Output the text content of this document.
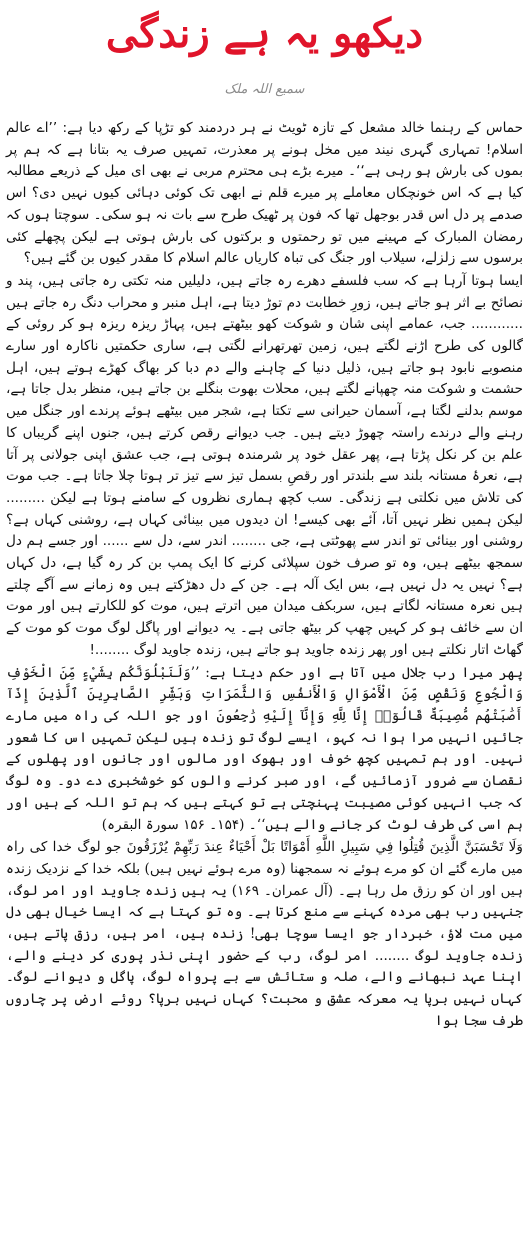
دیکھو یہ ہے زندگی
سمیع اللہ ملک

حماس کے رہنما خالد مشعل کے تازہ ٹویٹ نے ہر دردمند کو تڑپا کے رکھ دیا ہے: ’’اے عالم اسلام! تمہاری گہری نیند میں مخل ہونے پر معذرت، تمہیں صرف یہ بتانا ہے کہ ہم پر بموں کی بارش ہو رہی ہے‘‘۔ میرے بڑے ہی محترم مربی نے بھی ای میل کے ذریعے مطالبہ کیا ہے کہ اس خونچکاں معاملے پر میرے قلم نے ابھی تک کوئی دہائی کیوں نہیں دی؟ اس صدمے پر دل اس قدر بوجھل تھا کہ فون پر ٹھیک طرح سے بات نہ ہو سکی۔ سوچتا ہوں کہ رمضان المبارک کے مہینے میں تو رحمتوں و برکتوں کی بارش ہوتی ہے لیکن پچھلے کئی برسوں سے زلزلے، سیلاب اور جنگ کی تباہ کاریاں عالم اسلام کا مقدر کیوں بن گئے ہیں؟

ایسا ہوتا آرہا ہے کہ سب فلسفے دھرے رہ جاتے ہیں، دلیلیں منہ تکتی رہ جاتی ہیں، پند و نصائح بے اثر ہو جاتے ہیں، زورِ خطابت دم توڑ دیتا ہے، اہل منبر و محراب دنگ رہ جاتے ہیں ............ جب، عمامے اپنی شان و شوکت کھو بیٹھتے ہیں، پہاڑ ریزہ ریزہ ہو کر روئی کے گالوں کی طرح اڑنے لگتے ہیں، زمین تھرتھرانے لگتی ہے، ساری حکمتیں ناکارہ اور سارے منصوبے نابود ہو جاتے ہیں، ذلیل دنیا کے چاہنے والے دم دبا کر بھاگ کھڑے ہوتے ہیں، اہل حشمت و شوکت منہ چھپانے لگتے ہیں، محلات بھوت بنگلے بن جاتے ہیں، منظر بدل جاتا ہے، موسم بدلنے لگتا ہے، آسمان حیرانی سے تکتا ہے، شجر میں بیٹھے ہوئے پرندے اور جنگل میں رہنے والے درندے راستہ چھوڑ دیتے ہیں۔ جب دیوانے رقص کرتے ہیں، جنوں اپنے گریباں کا علم بن کر نکل پڑتا ہے، پھر عقل خود پر شرمندہ ہوتی ہے، جب عشق اپنی جولانی پر آتا ہے، نعرۂ مستانہ بلند سے بلندتر اور رقصِ بسمل تیز سے تیز تر ہوتا چلا جاتا ہے۔ جب موت کی تلاش میں نکلتی ہے زندگی۔ سب کچھ ہماری نظروں کے سامنے ہوتا ہے لیکن ......... لیکن ہمیں نظر نہیں آتا، آئے بھی کیسے! ان دیدوں میں بینائی کہاں ہے، روشنی کہاں ہے؟ روشنی اور بینائی تو اندر سے پھوٹتی ہے، جی ........ اندر سے، دل سے ...... اور جسے ہم دل سمجھ بیٹھے ہیں، وہ تو صرف خون سپلائی کرنے کا ایک پمپ بن کر رہ گیا ہے، دل کہاں ہے؟ نہیں یہ دل نہیں ہے، بس ایک آلہ ہے۔ جن کے دل دھڑکتے ہیں وہ زمانے سے آگے چلتے ہیں نعرہ مستانہ لگاتے ہیں، سربکف میدان میں اترتے ہیں، موت کو للکارتے ہیں اور موت ان سے خائف ہو کر کہیں چھپ کر بیٹھ جاتی ہے۔ یہ دیوانے اور پاگل لوگ موت کو موت کے گھاٹ اتار نکلتے ہیں اور پھر زندہ جاوید ہو جاتے ہیں، زندہ جاوید لوگ ........!

پھر میرا رب جلال میں آتا ہے اور حکم دیتا ہے: ’’وَلَنَبْلُوَنَّكُم بِشَيْءٍ مِّنَ الْخَوْفِ وَالْجُوعِ وَنَقْصٍ مِّنَ الْأَمْوَالِ وَالْأَنفُسِ وَالثَّمَرَاتِ وَبَشِّرِ الصَّابِرِينَ ٱلَّذِينَ إِذَآ أَصَٰبَتْهُم مُّصِيبَةٌ قَالُوٓا۟ إِنَّا لِلَّهِ وَإِنَّآ إِلَيْهِ رَٰجِعُونَ اور جو اللہ کی راہ میں مارے جائیں انہیں مرا ہوا نہ کہو، ایسے لوگ تو زندہ ہیں لیکن تمہیں اس کا شعور نہیں۔ اور ہم تمہیں کچھ خوف اور بھوک اور مالوں اور جانوں اور پھلوں کے نقصان سے ضرور آزمائیں گے، اور صبر کرنے والوں کو خوشخبری دے دو۔ وہ لوگ کہ جب انہیں کوئی مصیبت پہنچتی ہے تو کہتے ہیں کہ ہم تو اللہ کے ہیں اور ہم اسی کی طرف لوٹ کر جانے والے ہیں‘‘۔ (۱۵۴۔ ۱۵۶ سورۃ البقرہ)

وَلَا تَحْسَبَنَّ الَّذِينَ قُتِلُوا فِي سَبِيلِ اللَّهِ أَمْوَاتًا بَلْ أَحْيَاءٌ عِندَ رَبِّهِمْ يُرْزَقُونَ جو لوگ خدا کی راہ میں مارے گئے ان کو مرے ہوئے نہ سمجھنا (وہ مرے ہوئے نہیں ہیں) بلکہ خدا کے نزدیک زندہ ہیں اور ان کو رزق مل رہا ہے۔ (آل عمران۔ ۱۶۹) یہ ہیں زندہ جاوید اور امر لوگ، جنہیں رب بھی مردہ کہنے سے منع کرتا ہے۔ وہ تو کہتا ہے کہ ایسا خیال بھی دل میں مت لاؤ، خبردار جو ایسا سوچا بھی! زندہ ہیں، امر ہیں، رزق پاتے ہیں، زندہ جاوید لوگ ........ امر لوگ، رب کے حضور اپنی نذر پوری کر دینے والے، اپنا عہد نبھانے والے، صلہ و ستائش سے بے پرواہ لوگ، پاگل و دیوانے لوگ۔ کہاں نہیں برپا یہ معرکہ عشق و محبت؟ کہاں نہیں برپا؟ روئے ارض پر چاروں طرف سجا ہوا
